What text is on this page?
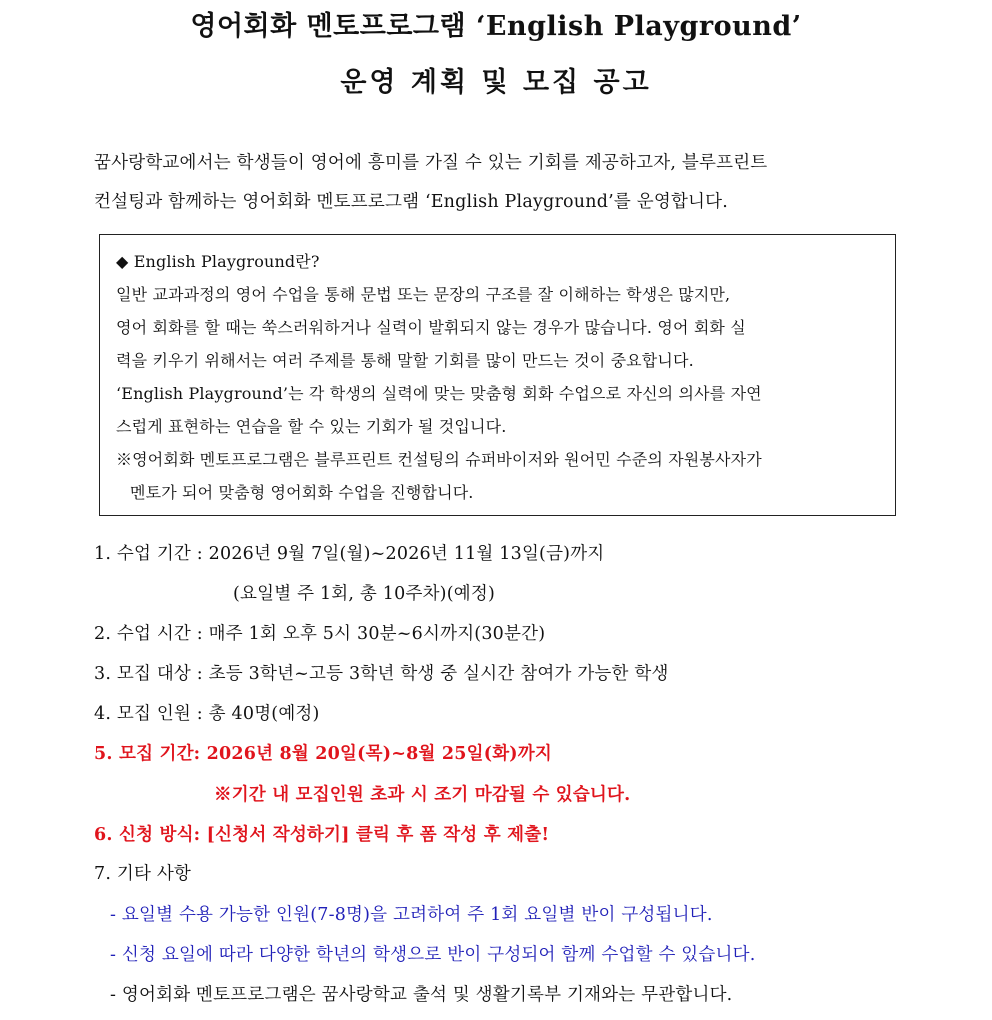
영어회화 멘토프로그램 ‘English Playground’
운영 계획 및 모집 공고
꿈사랑학교에서는 학생들이 영어에 흥미를 가질 수 있는 기회를 제공하고자, 블루프린트
컨설팅과 함께하는 영어회화 멘토프로그램 ‘English Playground’를 운영합니다.
◆ English Playground란?
일반 교과과정의 영어 수업을 통해 문법 또는 문장의 구조를 잘 이해하는 학생은 많지만,
영어 회화를 할 때는 쑥스러워하거나 실력이 발휘되지 않는 경우가 많습니다. 영어 회화 실
력을 키우기 위해서는 여러 주제를 통해 말할 기회를 많이 만드는 것이 중요합니다.
‘English Playground’는 각 학생의 실력에 맞는 맞춤형 회화 수업으로 자신의 의사를 자연
스럽게 표현하는 연습을 할 수 있는 기회가 될 것입니다.
※영어회화 멘토프로그램은 블루프린트 컨설팅의 슈퍼바이저와 원어민 수준의 자원봉사자가
멘토가 되어 맞춤형 영어회화 수업을 진행합니다.
1. 수업 기간 : 2026년 9월 7일(월)~2026년 11월 13일(금)까지
(요일별 주 1회, 총 10주차)(예정)
2. 수업 시간 : 매주 1회 오후 5시 30분~6시까지(30분간)
3. 모집 대상 : 초등 3학년~고등 3학년 학생 중 실시간 참여가 가능한 학생
4. 모집 인원 : 총 40명(예정)
5. 모집 기간: 2026년 8월 20일(목)~8월 25일(화)까지
※기간 내 모집인원 초과 시 조기 마감될 수 있습니다.
6. 신청 방식: [신청서 작성하기] 클릭 후 폼 작성 후 제출!
7. 기타 사항
- 요일별 수용 가능한 인원(7-8명)을 고려하여 주 1회 요일별 반이 구성됩니다.
- 신청 요일에 따라 다양한 학년의 학생으로 반이 구성되어 함께 수업할 수 있습니다.
- 영어회화 멘토프로그램은 꿈사랑학교 출석 및 생활기록부 기재와는 무관합니다.
